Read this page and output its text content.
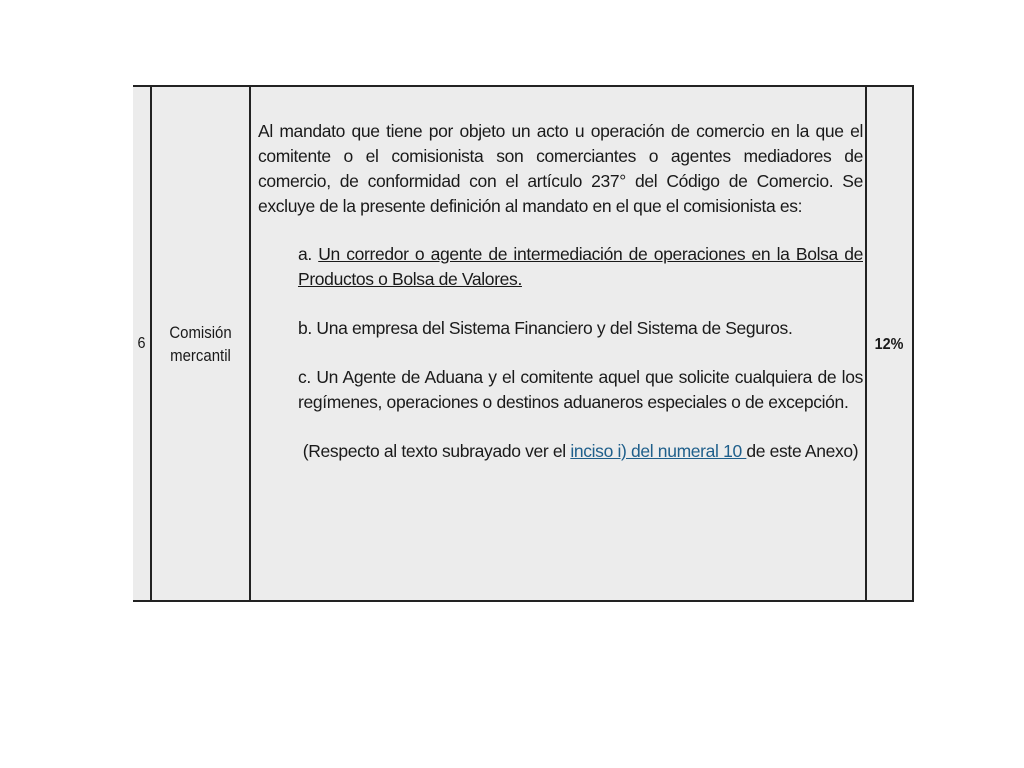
6
Comisión mercantil

Al mandato que tiene por objeto un acto u operación de comercio en la que el comitente o el comisionista son comerciantes o agentes mediadores de comercio, de conformidad con el artículo 237° del Código de Comercio. Se excluye de la presente definición al mandato en el que el comisionista es:

a. Un corredor o agente de intermediación de operaciones en la Bolsa de Productos o Bolsa de Valores.

b. Una empresa del Sistema Financiero y del Sistema de Seguros.

c. Un Agente de Aduana y el comitente aquel que solicite cualquiera de los regímenes, operaciones o destinos aduaneros especiales o de excepción.

(Respecto al texto subrayado ver el inciso i) del numeral 10 de este Anexo)

12%
